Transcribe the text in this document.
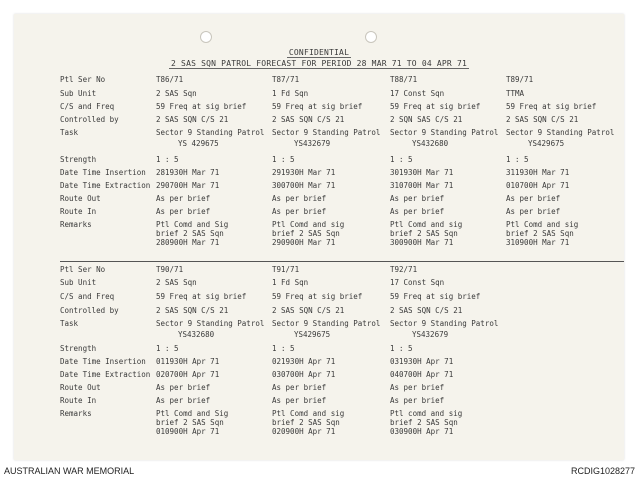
CONFIDENTIAL
2 SAS SQN PATROL FORECAST FOR PERIOD 28 MAR 71 TO 04 APR 71
Ptl Ser No
Sub Unit
C/S and Freq
Controlled by
Task
Strength
Date Time Insertion
Date Time Extraction
Route Out
Route In
Remarks
T86/71
2 SAS Sqn
59 Freq at sig brief
2 SAS SQN C/S 21
Sector 9 Standing Patrol
YS 429675
1 : 5
281930H Mar 71
290700H Mar 71
As per brief
As per brief
Ptl Comd and Sig
brief 2 SAS Sqn
280900H Mar 71
T87/71
1 Fd Sqn
59 Freq at sig brief
2 SAS SQN C/S 21
Sector 9 Standing Patrol
YS432679
1 : 5
291930H Mar 71
300700H Mar 71
As per brief
As per brief
Ptl Comd and sig
brief 2 SAS Sqn
290900H Mar 71
T88/71
17 Const Sqn
59 Freq at sig brief
2 SQN SAS C/S 21
Sector 9 Standing Patrol
YS432680
1 : 5
301930H Mar 71
310700H Mar 71
As per brief
As per brief
Ptl Comd and sig
brief 2 SAS Sqn
300900H Mar 71
T89/71
TTMA
59 Freq at sig brief
2 SAS SQN C/S 21
Sector 9 Standing Patrol
YS429675
1 : 5
311930H Mar 71
010700H Apr 71
As per brief
As per brief
Ptl Comd and sig
brief 2 SAS Sqn
310900H Mar 71
Ptl Ser No
Sub Unit
C/S and Freq
Controlled by
Task
Strength
Date Time Insertion
Date Time Extraction
Route Out
Route In
Remarks
T90/71
2 SAS Sqn
59 Freq at sig brief
2 SAS SQN C/S 21
Sector 9 Standing Patrol
YS432680
1 : 5
011930H Apr 71
020700H Apr 71
As per brief
As per brief
Ptl Comd and Sig
brief 2 SAS Sqn
010900H Apr 71
T91/71
1 Fd Sqn
59 Freq at sig brief
2 SAS SQN C/S 21
Sector 9 Standing Patrol
YS429675
1 : 5
021930H Apr 71
030700H Apr 71
As per brief
As per brief
Ptl Comd and sig
brief 2 SAS Sqn
020900H Apr 71
T92/71
17 Const Sqn
59 Freq at sig brief
2 SAS SQN C/S 21
Sector 9 Standing Patrol
YS432679
1 : 5
031930H Apr 71
040700H Apr 71
As per brief
As per brief
Ptl comd and sig
brief 2 SAS Sqn
030900H Apr 71
AUSTRALIAN WAR MEMORIAL	RCDIG1028277
